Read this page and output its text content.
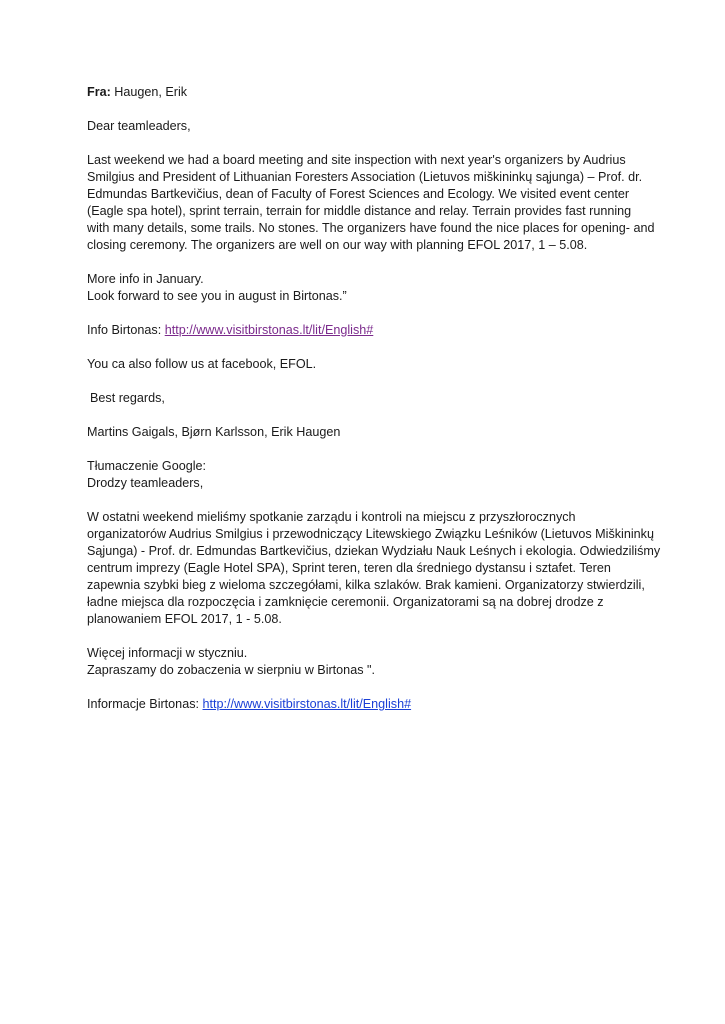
Fra: Haugen, Erik

Dear teamleaders,

Last weekend we had a board meeting and site inspection with next year's organizers by Audrius
Smilgius and President of Lithuanian Foresters Association (Lietuvos miškininkų sąjunga) – Prof. dr.
Edmundas Bartkevičius, dean of Faculty of Forest Sciences and Ecology. We visited event center
(Eagle spa hotel), sprint terrain, terrain for middle distance and relay. Terrain provides fast running
with many details, some trails. No stones. The organizers have found the nice places for opening- and
closing ceremony. The organizers are well on our way with planning EFOL 2017, 1 – 5.08.

More info in January.
Look forward to see you in august in Birtonas.”

Info Birtonas: http://www.visitbirstonas.lt/lit/English#

You ca also follow us at facebook, EFOL.

Best regards,

Martins Gaigals, Bjørn Karlsson, Erik Haugen

Tłumaczenie Google:
Drodzy teamleaders,

W ostatni weekend mieliśmy spotkanie zarządu i kontroli na miejscu z przyszłorocznych
organizatorów Audrius Smilgius i przewodniczący Litewskiego Związku Leśników (Lietuvos Miškininkų
Sąjunga) - Prof. dr. Edmundas Bartkevičius, dziekan Wydziału Nauk Leśnych i ekologia. Odwiedziliśmy
centrum imprezy (Eagle Hotel SPA), Sprint teren, teren dla średniego dystansu i sztafet. Teren
zapewnia szybki bieg z wieloma szczegółami, kilka szlaków. Brak kamieni. Organizatorzy stwierdzili,
ładne miejsca dla rozpoczęcia i zamknięcie ceremonii. Organizatorami są na dobrej drodze z
planowaniem EFOL 2017, 1 - 5.08.

Więcej informacji w styczniu.
Zapraszamy do zobaczenia w sierpniu w Birtonas ".

Informacje Birtonas: http://www.visitbirstonas.lt/lit/English#
